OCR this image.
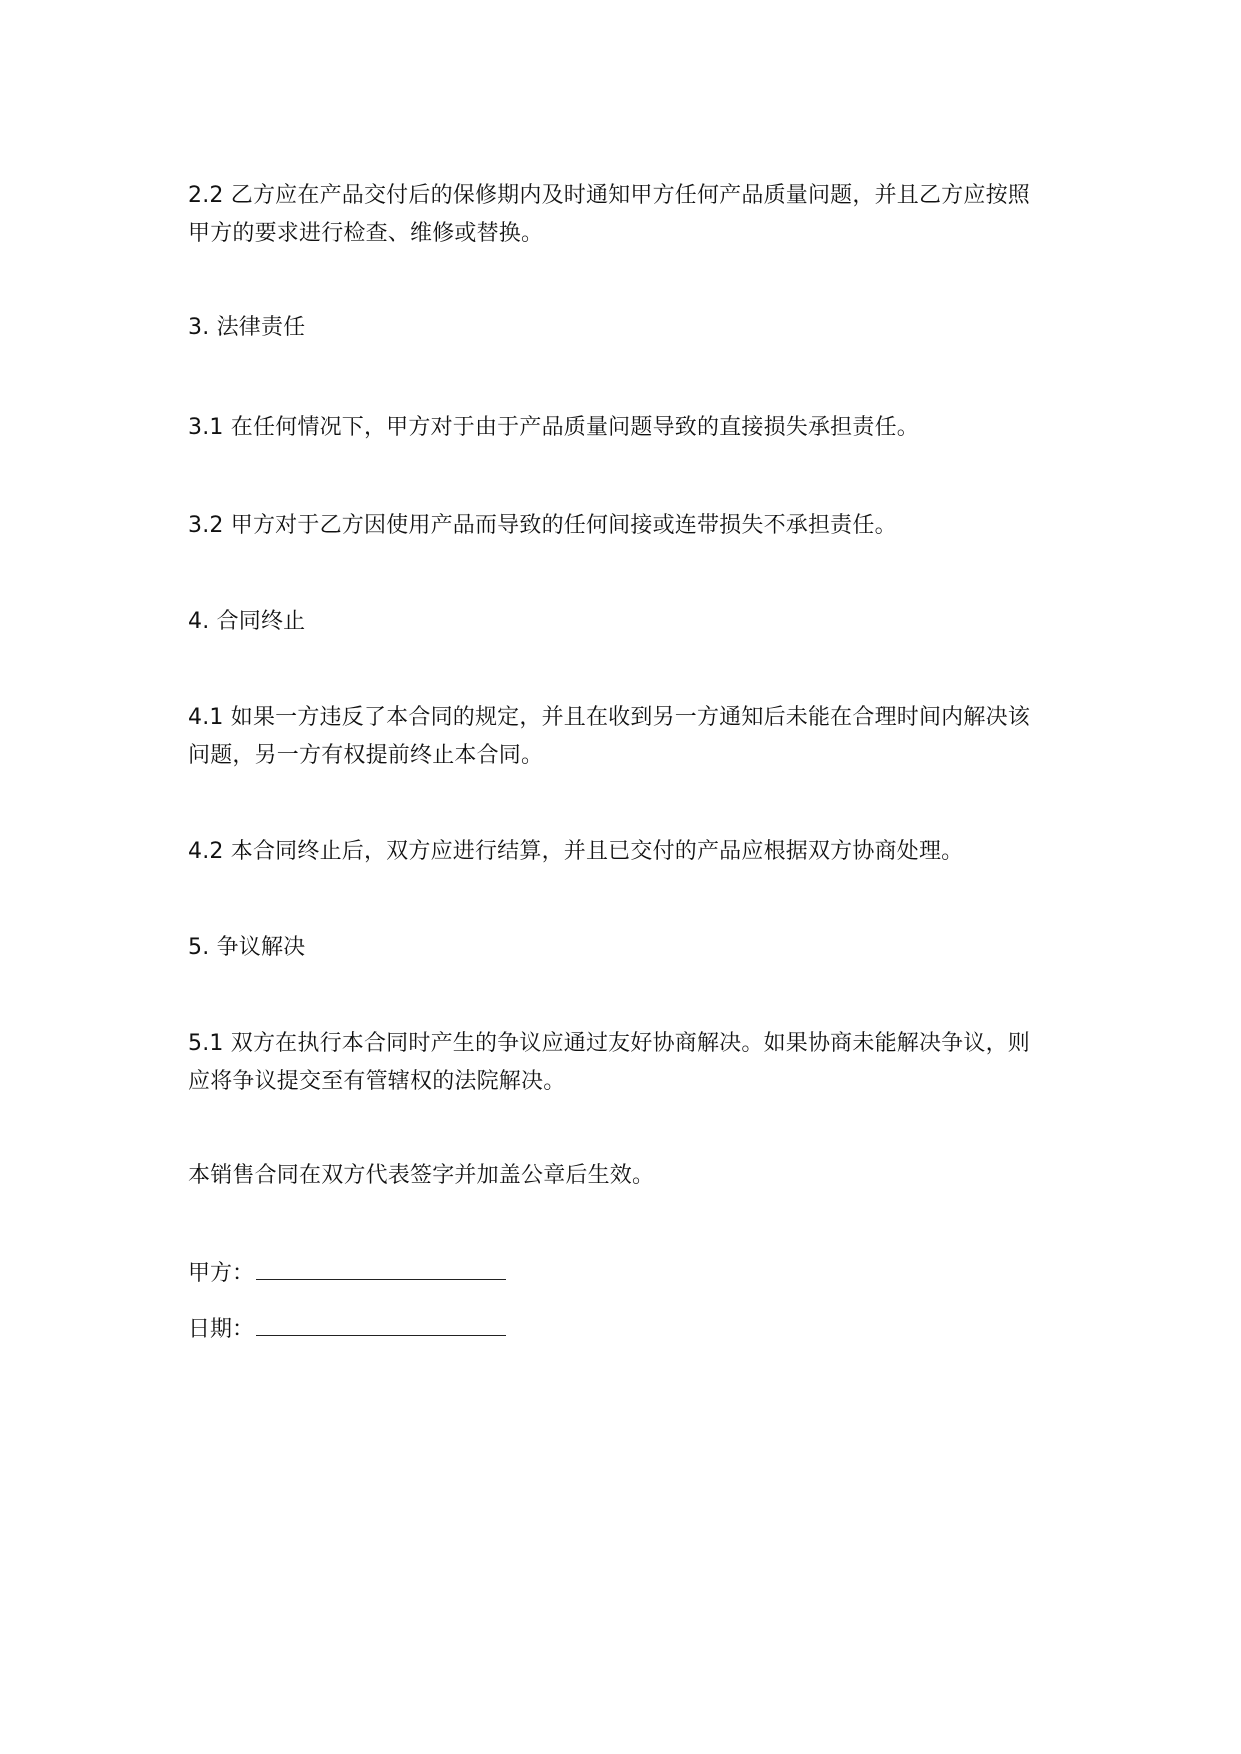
2.2 乙方应在产品交付后的保修期内及时通知甲方任何产品质量问题，并且乙方应按照
甲方的要求进行检查、维修或替换。
3. 法律责任
3.1 在任何情况下，甲方对于由于产品质量问题导致的直接损失承担责任。
3.2 甲方对于乙方因使用产品而导致的任何间接或连带损失不承担责任。
4. 合同终止
4.1 如果一方违反了本合同的规定，并且在收到另一方通知后未能在合理时间内解决该
问题，另一方有权提前终止本合同。
4.2 本合同终止后，双方应进行结算，并且已交付的产品应根据双方协商处理。
5. 争议解决
5.1 双方在执行本合同时产生的争议应通过友好协商解决。如果协商未能解决争议，则
应将争议提交至有管辖权的法院解决。
本销售合同在双方代表签字并加盖公章后生效。
甲方：
日期：
